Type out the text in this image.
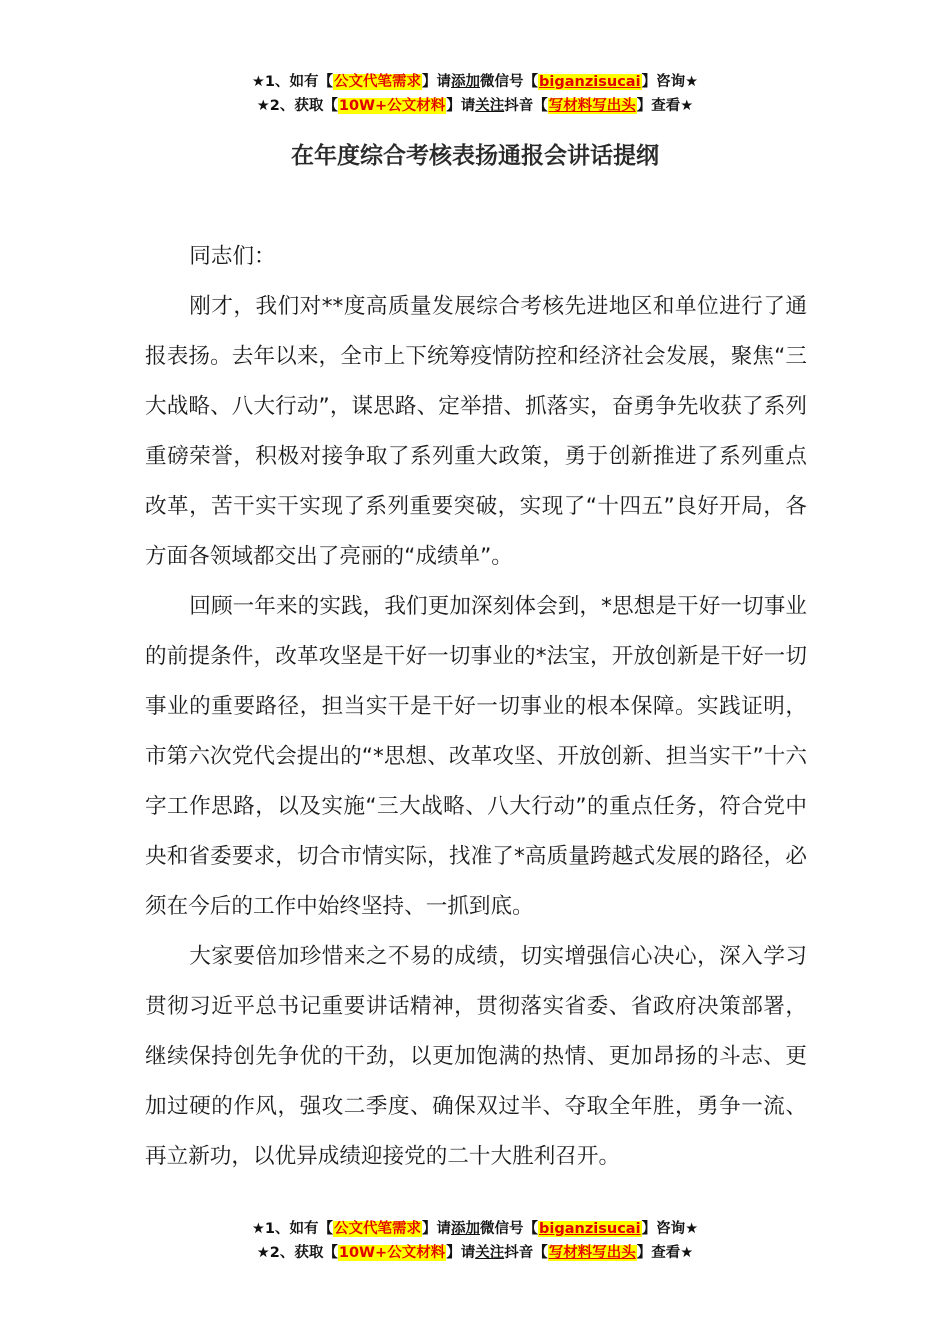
★1、如有【公文代笔需求】请添加微信号【biganzisucai】咨询★
★2、获取【10W+公文材料】请关注抖音【写材料写出头】查看★
在年度综合考核表扬通报会讲话提纲

同志们：

刚才，我们对**度高质量发展综合考核先进地区和单位进行了通报表扬。去年以来，全市上下统筹疫情防控和经济社会发展，聚焦“三大战略、八大行动”，谋思路、定举措、抓落实，奋勇争先收获了系列重磅荣誉，积极对接争取了系列重大政策，勇于创新推进了系列重点改革，苦干实干实现了系列重要突破，实现了“十四五”良好开局，各方面各领域都交出了亮丽的“成绩单”。

回顾一年来的实践，我们更加深刻体会到，*思想是干好一切事业的前提条件，改革攻坚是干好一切事业的*法宝，开放创新是干好一切事业的重要路径，担当实干是干好一切事业的根本保障。实践证明，市第六次党代会提出的“*思想、改革攻坚、开放创新、担当实干”十六字工作思路，以及实施“三大战略、八大行动”的重点任务，符合党中央和省委要求，切合市情实际，找准了*高质量跨越式发展的路径，必须在今后的工作中始终坚持、一抓到底。

大家要倍加珍惜来之不易的成绩，切实增强信心决心，深入学习贯彻习近平总书记重要讲话精神，贯彻落实省委、省政府决策部署，继续保持创先争优的干劲，以更加饱满的热情、更加昂扬的斗志、更加过硬的作风，强攻二季度、确保双过半、夺取全年胜，勇争一流、再立新功，以优异成绩迎接党的二十大胜利召开。

★1、如有【公文代笔需求】请添加微信号【biganzisucai】咨询★
★2、获取【10W+公文材料】请关注抖音【写材料写出头】查看★
